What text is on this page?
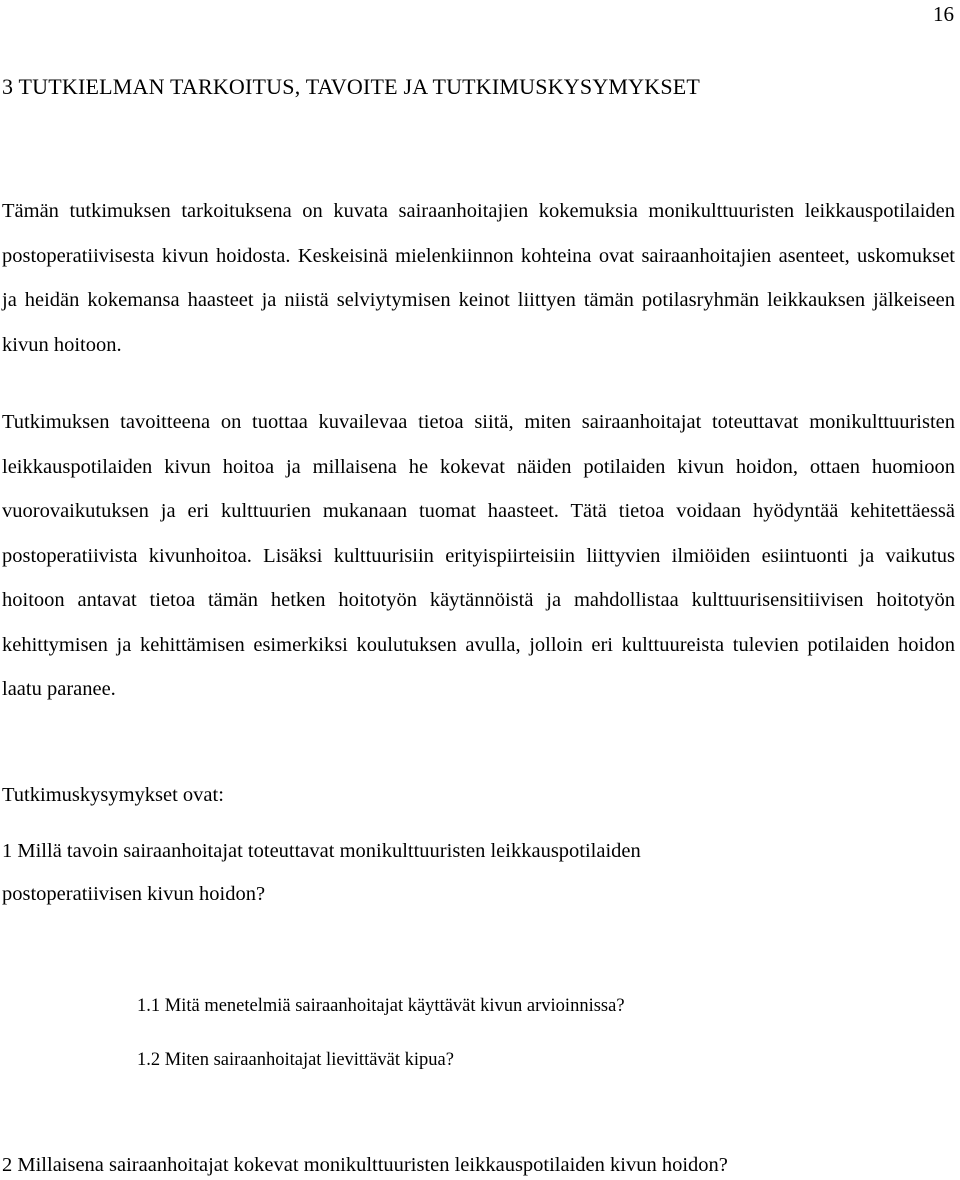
16
3 TUTKIELMAN TARKOITUS, TAVOITE JA TUTKIMUSKYSYMYKSET

Tämän tutkimuksen tarkoituksena on kuvata sairaanhoitajien kokemuksia monikulttuuristen leikkauspotilaiden postoperatiivisesta kivun hoidosta. Keskeisinä mielenkiinnon kohteina ovat sairaanhoitajien asenteet, uskomukset ja heidän kokemansa haasteet ja niistä selviytymisen keinot liittyen tämän potilasryhmän leikkauksen jälkeiseen kivun hoitoon.

Tutkimuksen tavoitteena on tuottaa kuvailevaa tietoa siitä, miten sairaanhoitajat toteuttavat monikulttuuristen leikkauspotilaiden kivun hoitoa ja millaisena he kokevat näiden potilaiden kivun hoidon, ottaen huomioon vuorovaikutuksen ja eri kulttuurien mukanaan tuomat haasteet. Tätä tietoa voidaan hyödyntää kehitettäessä postoperatiivista kivunhoitoa. Lisäksi kulttuurisiin erityispiirteisiin liittyvien ilmiöiden esiintuonti ja vaikutus hoitoon antavat tietoa tämän hetken hoitotyön käytännöistä ja mahdollistaa kulttuurisensitiivisen hoitotyön kehittymisen ja kehittämisen esimerkiksi koulutuksen avulla, jolloin eri kulttuureista tulevien potilaiden hoidon laatu paranee.

Tutkimuskysymykset ovat:

1 Millä tavoin sairaanhoitajat toteuttavat monikulttuuristen leikkauspotilaiden

postoperatiivisen kivun hoidon?

1.1 Mitä menetelmiä sairaanhoitajat käyttävät kivun arvioinnissa?

1.2 Miten sairaanhoitajat lievittävät kipua?

2 Millaisena sairaanhoitajat kokevat monikulttuuristen leikkauspotilaiden kivun hoidon?
